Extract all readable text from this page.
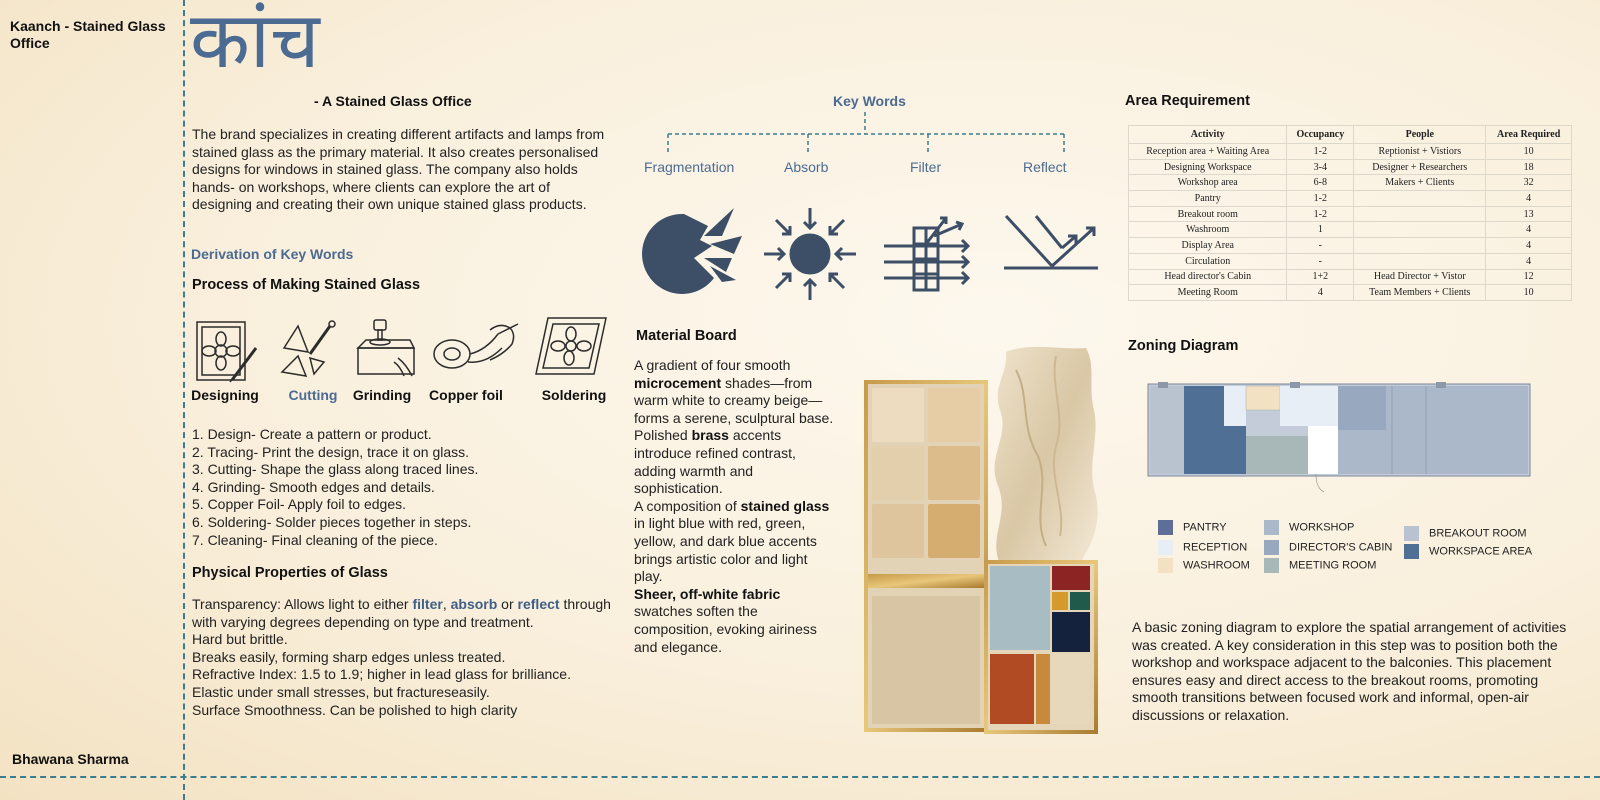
Kaanch - Stained Glass Office
Bhawana Sharma
कांच
- A Stained Glass Office
The brand specializes in creating different artifacts and lamps from stained glass as the primary material. It also creates personalised designs for windows in stained glass. The company also holds hands- on workshops, where clients can explore the art of designing and creating their own unique stained glass products.
Derivation of Key Words
Process of Making Stained Glass
Designing	Cutting	Grinding	Copper foil	Soldering
1. Design- Create a pattern or product.
2. Tracing- Print the design, trace it on glass.
3. Cutting- Shape the glass along traced lines.
4. Grinding- Smooth edges and details.
5. Copper Foil- Apply foil to edges.
6. Soldering- Solder pieces together in steps.
7. Cleaning- Final cleaning of the piece.
Physical Properties of Glass
Transparency: Allows light to either filter, absorb or reflect through with varying degrees depending on type and treatment.
Hard but brittle.
Breaks easily, forming sharp edges unless treated.
Refractive Index: 1.5 to 1.9; higher in lead glass for brilliance.
Elastic under small stresses, but fractureseasily.
Surface Smoothness. Can be polished to high clarity
Key Words
Fragmentation	Absorb	Filter	Reflect
Material Board
A gradient of four smooth microcement shades—from warm white to creamy beige—forms a serene, sculptural base.
Polished brass accents introduce refined contrast, adding warmth and sophistication.
A composition of stained glass in light blue with red, green, yellow, and dark blue accents brings artistic color and light play.
Sheer, off-white fabric swatches soften the composition, evoking airiness and elegance.
Area Requirement
Activity	Occupancy	People	Area Required
Reception area + Waiting Area	1-2	Reptionist + Vistiors	10
Designing Workspace	3-4	Designer + Researchers	18
Workshop area	6-8	Makers + Clients	32
Pantry	1-2		4
Breakout room	1-2		13
Washroom	1		4
Display Area	-		4
Circulation	-		4
Head director's Cabin	1+2	Head Director + Vistor	12
Meeting Room	4	Team Members + Clients	10
Zoning Diagram
PANTRY
RECEPTION
WASHROOM
WORKSHOP
DIRECTOR'S CABIN
MEETING ROOM
BREAKOUT ROOM
WORKSPACE AREA
A basic zoning diagram to explore the spatial arrangement of activities was created. A key consideration in this step was to position both the workshop and workspace adjacent to the balconies. This placement ensures easy and direct access to the breakout rooms, promoting smooth transitions between focused work and informal, open-air discussions or relaxation.
